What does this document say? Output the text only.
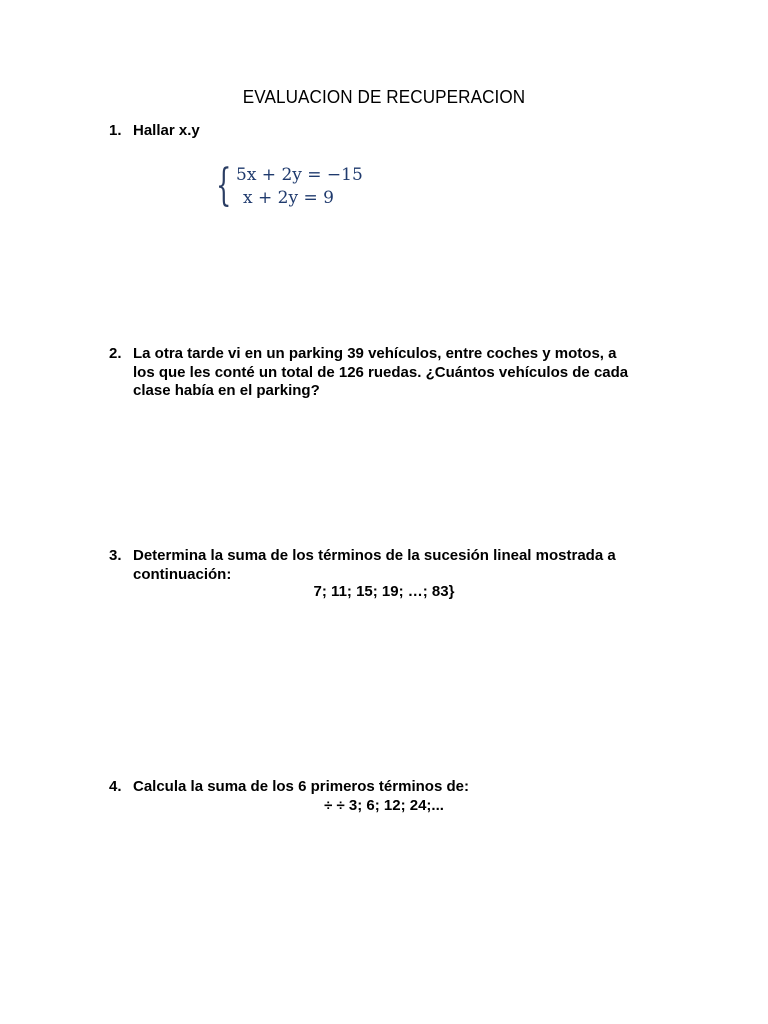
EVALUACION DE RECUPERACION
1. Hallar x.y
{ 5x + 2y = −15
x + 2y = 9
2. La otra tarde vi en un parking 39 vehículos, entre coches y motos, a
los que les conté un total de 126 ruedas. ¿Cuántos vehículos de cada
clase había en el parking?
3. Determina la suma de los términos de la sucesión lineal mostrada a
continuación:
7; 11; 15; 19; …; 83}
4. Calcula la suma de los 6 primeros términos de:
÷ ÷ 3; 6; 12; 24;...
